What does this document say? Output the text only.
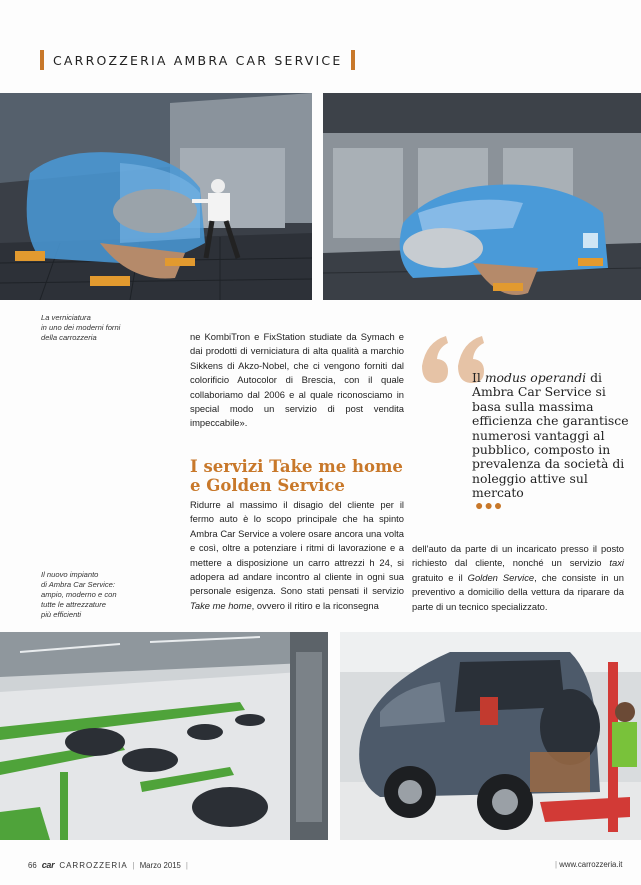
CARROZZERIA AMBRA CAR SERVICE
La verniciatura
in uno dei moderni forni
della carrozzeria	ne KombiTron e FixStation studiate da Symach e dai prodotti di verniciatura di alta qualità a marchio Sikkens di Akzo-Nobel, che ci vengono forniti dal colorificio Autocolor di Brescia, con il quale collaboriamo dal 2006 e al quale riconosciamo in special modo un servizio di post vendita impeccabile».
I servizi Take me home e Golden Service
Ridurre al massimo il disagio del cliente per il fermo auto è lo scopo principale che ha spinto Ambra Car Service a volere osare ancora una volta e così, oltre a potenziare i ritmi di lavorazione e a mettere a disposizione un carro attrezzi h 24, si adopera ad andare incontro al cliente in ogni sua personale esigenza. Sono stati pensati il servizio Take me home, ovvero il ritiro e la riconsegna
Il nuovo impianto
di Ambra Car Service:
ampio, moderno e con
tutte le attrezzature
più efficienti
dell'auto da parte di un incaricato presso il posto richiesto dal cliente, nonché un servizio taxi gratuito e il Golden Service, che consiste in un preventivo a domicilio della vettura da riparare da parte di un tecnico specializzato.
Il modus operandi di Ambra Car Service si basa sulla massima efficienza che garantisce numerosi vantaggi al pubblico, composto in prevalenza da società di noleggio attive sul mercato
●●●
66 car CARROZZERIA | Marzo 2015 |	| www.carrozzeria.it
